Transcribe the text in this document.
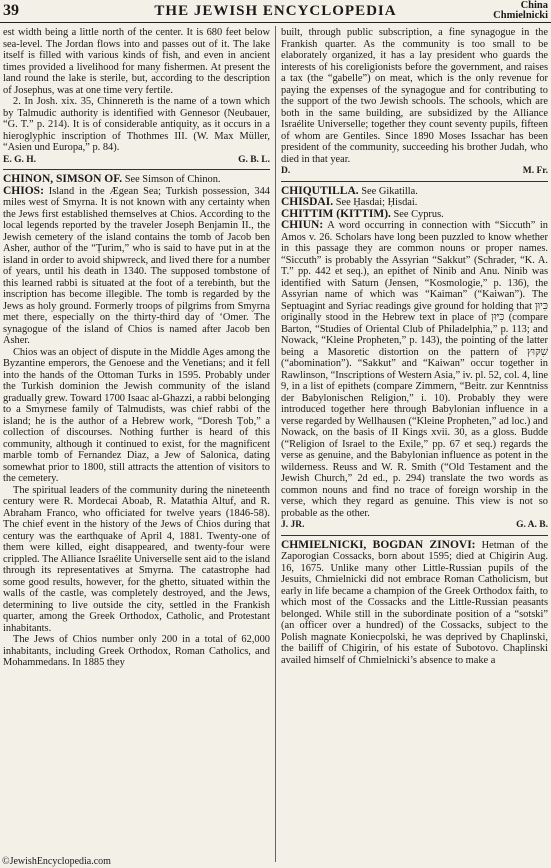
39	THE JEWISH ENCYCLOPEDIA	China
Chmielnicki

est width being a little north of the center. It is 680 feet below sea-level. The Jordan flows into and passes out of it. The lake itself is filled with various kinds of fish, and even in ancient times provided a livelihood for many fishermen. At present the land round the lake is sterile, but, according to the description of Josephus, was at one time very fertile.

2. In Josh. xix. 35, Chinnereth is the name of a town which by Talmudic authority is identified with Gennesor (Neubauer, “G. T.” p. 214). It is of considerable antiquity, as it occurs in a hieroglyphic inscription of Thothmes III. (W. Max Müller, “Asien und Europa,” p. 84).

E. G. H.	G. B. L.

CHINON, SIMSON OF. See Simson of Chinon.

CHIOS: Island in the Ægean Sea; Turkish possession, 344 miles west of Smyrna. It is not known with any certainty when the Jews first established themselves at Chios. According to the local legends reported by the traveler Joseph Benjamin II., the Jewish cemetery of the island contains the tomb of Jacob ben Asher, author of the “Ṭurim,” who is said to have put in at the island in order to avoid shipwreck, and lived there for a number of years, until his death in 1340. The supposed tombstone of this learned rabbi is situated at the foot of a terebinth, but the inscription has become illegible. The tomb is regarded by the Jews as holy ground. Formerly troops of pilgrims from Smyrna met there, especially on the thirty-third day of ‘Omer. The synagogue of the island of Chios is named after Jacob ben Asher.

Chios was an object of dispute in the Middle Ages among the Byzantine emperors, the Genoese and the Venetians; and it fell into the hands of the Ottoman Turks in 1595. Probably under the Turkish dominion the Jewish community of the island gradually grew. Toward 1700 Isaac al-Ghazzi, a rabbi belonging to a Smyrnese family of Talmudists, was chief rabbi of the island; he is the author of a Hebrew work, “Doresh Ṭob,” a collection of discourses. Nothing further is heard of this community, although it continued to exist, for the magnificent marble tomb of Fernandez Diaz, a Jew of Salonica, dating somewhat prior to 1800, still attracts the attention of visitors to the cemetery.

The spiritual leaders of the community during the nineteenth century were R. Mordecai Aboab, R. Matathia Altuf, and R. Abraham Franco, who officiated for twelve years (1846-58). The chief event in the history of the Jews of Chios during that century was the earthquake of April 4, 1881. Twenty-one of them were killed, eight disappeared, and twenty-four were crippled. The Alliance Israélite Universelle sent aid to the island through its representatives at Smyrna. The catastrophe had some good results, however, for the ghetto, situated within the walls of the castle, was completely destroyed, and the Jews, determining to live outside the city, settled in the Frankish quarter, among the Greek Orthodox, Catholic, and Protestant inhabitants.

The Jews of Chios number only 200 in a total of 62,000 inhabitants, including Greek Orthodox, Roman Catholics, and Mohammedans. In 1885 they

built, through public subscription, a fine synagogue in the Frankish quarter. As the community is too small to be elaborately organized, it has a lay president who guards the interests of his coreligionists before the government, and raises a tax (the “gabelle”) on meat, which is the only revenue for paying the expenses of the synagogue and for contributing to the support of the two Jewish schools. The schools, which are both in the same building, are subsidized by the Alliance Israélite Universelle; together they count seventy pupils, fifteen of whom are Gentiles. Since 1890 Moses Issachar has been president of the community, succeeding his brother Judah, who died in that year.

D.	M. Fr.

CHIQUTILLA. See Gikatilla.

CHISDAI. See Ḥasdai; Ḥisdai.

CHITTIM (KITTIM). See Cyprus.

CHIUN: A word occurring in connection with “Siccuth” in Amos v. 26. Scholars have long been puzzled to know whether in this passage they are common nouns or proper names. “Siccuth” is probably the Assyrian “Sakkut” (Schrader, “K. A. T.” pp. 442 et seq.), an epithet of Ninib and Anu. Ninib was identified with Saturn (Jensen, “Kosmologie,” p. 136), the Assyrian name of which was “Kaiman” (“Kaiwan”). The Septuagint and Syriac readings give ground for holding that כִּיוּן originally stood in the Hebrew text in place of כִּיּוּן (compare Barton, “Studies of Oriental Club of Philadelphia,” p. 113; and Nowack, “Kleine Propheten,” p. 143), the pointing of the latter being a Masoretic distortion on the pattern of שִׁקּוּץ (“abomination”). “Sakkut” and “Kaiwan” occur together in Rawlinson, “Inscriptions of Western Asia,” iv. pl. 52, col. 4, line 9, in a list of epithets (compare Zimmern, “Beitr. zur Kenntniss der Babylonischen Religion,” i. 10). Probably they were introduced together here through Babylonian influence in a verse regarded by Wellhausen (“Kleine Propheten,” ad loc.) and Nowack, on the basis of II Kings xvii. 30, as a gloss. Budde (“Religion of Israel to the Exile,” pp. 67 et seq.) regards the verse as genuine, and the Babylonian influence as potent in the wilderness. Reuss and W. R. Smith (“Old Testament and the Jewish Church,” 2d ed., p. 294) translate the two words as common nouns and find no trace of foreign worship in the verse, which they regard as genuine. This view is not so probable as the other.

J. JR.	G. A. B.

CHMIELNICKI, BOGDAN ZINOVI: Hetman of the Zaporogian Cossacks, born about 1595; died at Chigirin Aug. 16, 1675. Unlike many other Little-Russian pupils of the Jesuits, Chmielnicki did not embrace Roman Catholicism, but early in life became a champion of the Greek Orthodox faith, to which most of the Cossacks and the Little-Russian peasants belonged. While still in the subordinate position of a “sotski” (an officer over a hundred) of the Cossacks, subject to the Polish magnate Koniecpolski, he was deprived by Chaplinski, the bailiff of Chigirin, of his estate of Subotovo. Chaplinski availed himself of Chmielnicki’s absence to make a

©JewishEncyclopedia.com
